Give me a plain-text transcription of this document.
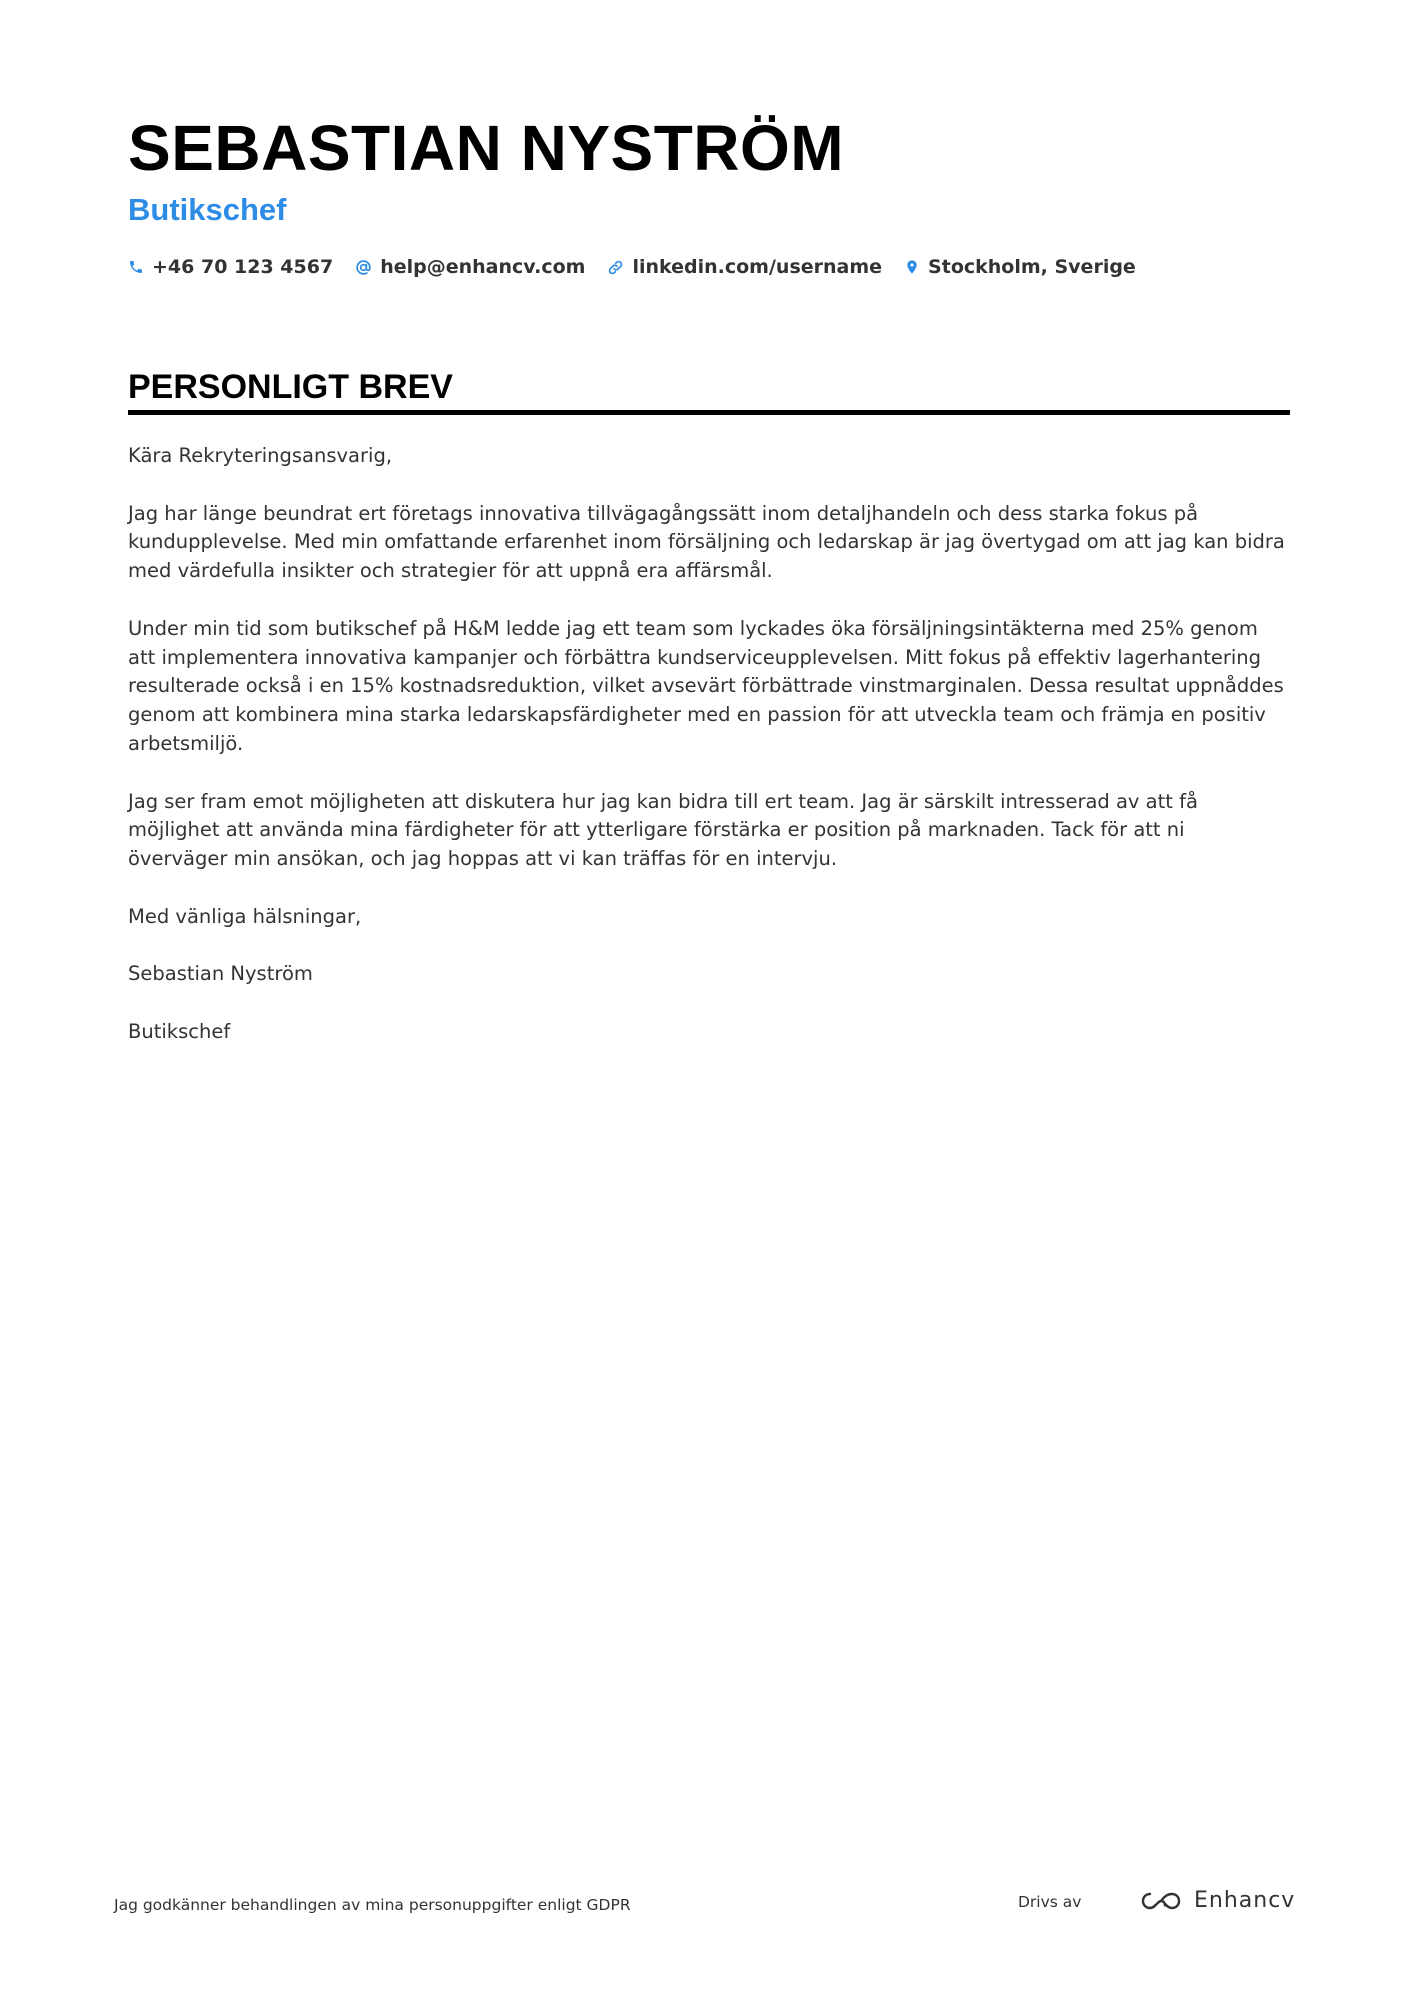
SEBASTIAN NYSTRÖM
Butikschef
+46 70 123 4567 help@enhancv.com linkedin.com/username Stockholm, Sverige
PERSONLIGT BREV

Kära Rekryteringsansvarig,

Jag har länge beundrat ert företags innovativa tillvägagångssätt inom detaljhandeln och dess starka fokus på kundupplevelse. Med min omfattande erfarenhet inom försäljning och ledarskap är jag övertygad om att jag kan bidra med värdefulla insikter och strategier för att uppnå era affärsmål.

Under min tid som butikschef på H&M ledde jag ett team som lyckades öka försäljningsintäkterna med 25% genom att implementera innovativa kampanjer och förbättra kundserviceupplevelsen. Mitt fokus på effektiv lagerhantering resulterade också i en 15% kostnadsreduktion, vilket avsevärt förbättrade vinstmarginalen. Dessa resultat uppnåddes genom att kombinera mina starka ledarskapsfärdigheter med en passion för att utveckla team och främja en positiv arbetsmiljö.

Jag ser fram emot möjligheten att diskutera hur jag kan bidra till ert team. Jag är särskilt intresserad av att få möjlighet att använda mina färdigheter för att ytterligare förstärka er position på marknaden. Tack för att ni överväger min ansökan, och jag hoppas att vi kan träffas för en intervju.

Med vänliga hälsningar,

Sebastian Nyström

Butikschef

Jag godkänner behandlingen av mina personuppgifter enligt GDPR	Drivs av	Enhancv
